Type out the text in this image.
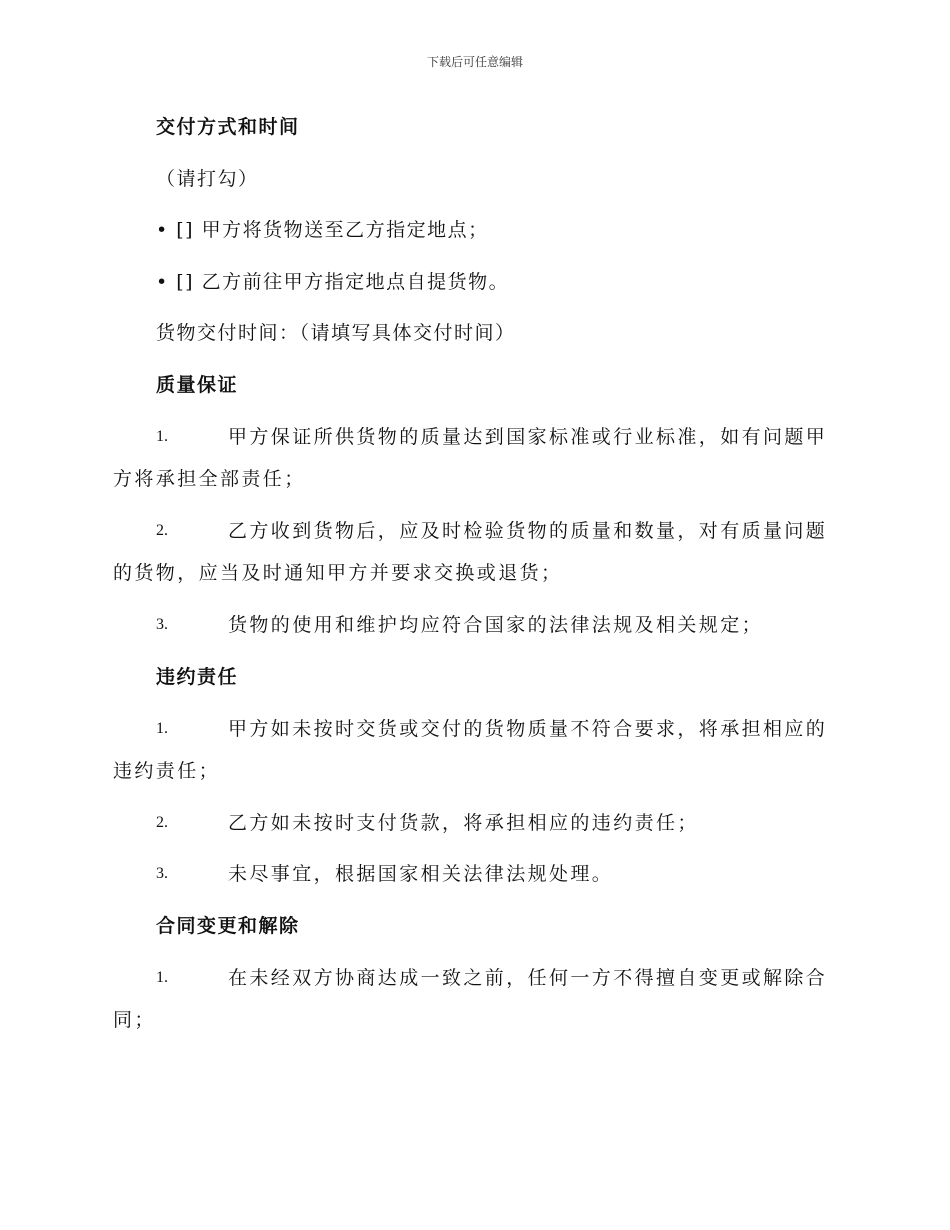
下载后可任意编辑
交付方式和时间
（请打勾）
• [] 甲方将货物送至乙方指定地点；
• [] 乙方前往甲方指定地点自提货物。
货物交付时间：（请填写具体交付时间）
质量保证
1.	甲方保证所供货物的质量达到国家标准或行业标准，如有问题甲
方将承担全部责任；
2.	乙方收到货物后，应及时检验货物的质量和数量，对有质量问题
的货物，应当及时通知甲方并要求交换或退货；
3.	货物的使用和维护均应符合国家的法律法规及相关规定；
违约责任
1.	甲方如未按时交货或交付的货物质量不符合要求，将承担相应的
违约责任；
2.	乙方如未按时支付货款，将承担相应的违约责任；
3.	未尽事宜，根据国家相关法律法规处理。
合同变更和解除
1.	在未经双方协商达成一致之前，任何一方不得擅自变更或解除合
同；
